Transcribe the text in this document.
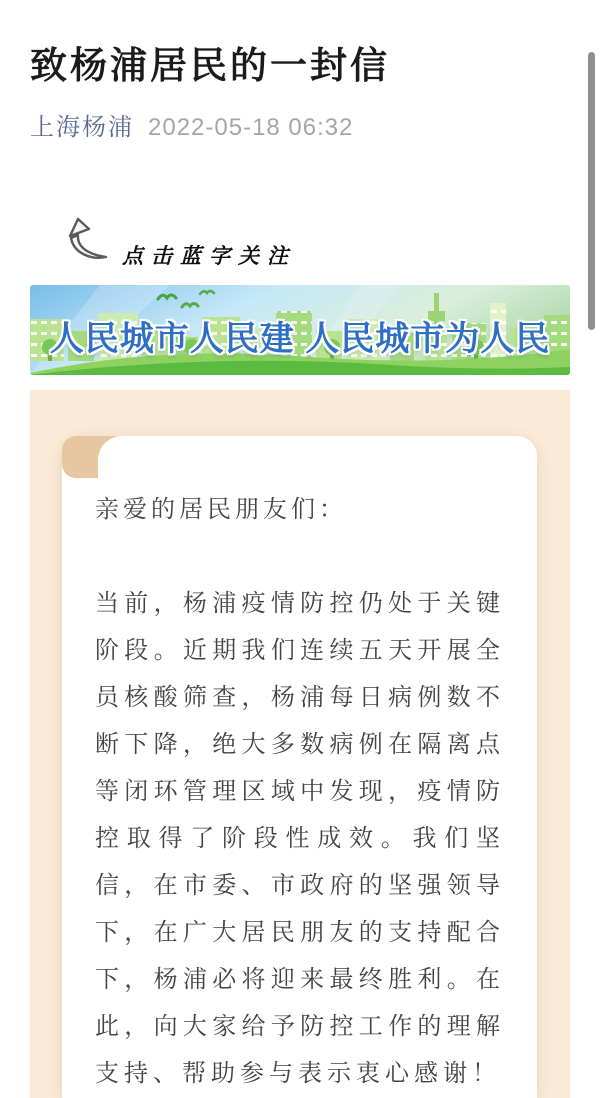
致杨浦居民的一封信
上海杨浦 2022-05-18 06:32
点击蓝字关注
人民城市人民建 人民城市为人民

亲爱的居民朋友们：

当前，杨浦疫情防控仍处于关键阶段。近期我们连续五天开展全员核酸筛查，杨浦每日病例数不断下降，绝大多数病例在隔离点等闭环管理区域中发现，疫情防控取得了阶段性成效。我们坚信，在市委、市政府的坚强领导下，在广大居民朋友的支持配合下，杨浦必将迎来最终胜利。在此，向大家给予防控工作的理解支持、帮助参与表示衷心感谢！
